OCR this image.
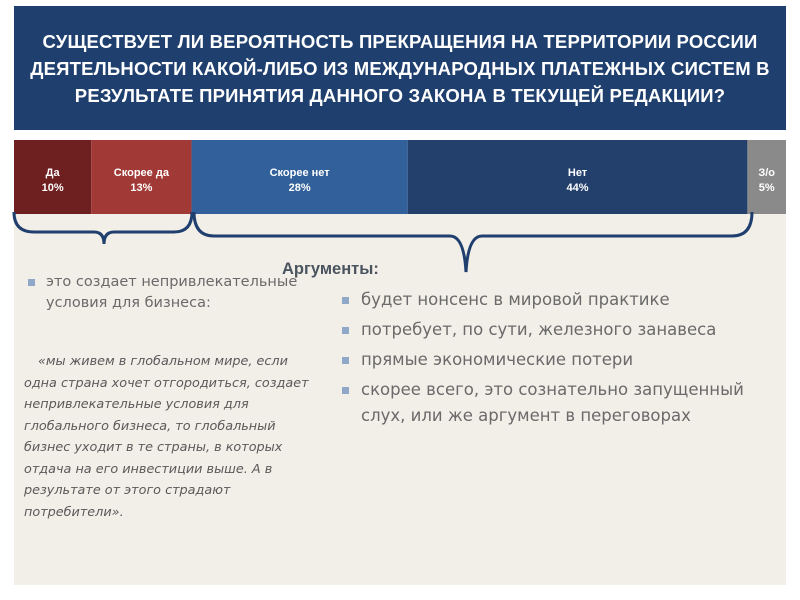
СУЩЕСТВУЕТ ЛИ ВЕРОЯТНОСТЬ ПРЕКРАЩЕНИЯ НА ТЕРРИТОРИИ РОССИИ ДЕЯТЕЛЬНОСТИ КАКОЙ-ЛИБО ИЗ МЕЖДУНАРОДНЫХ ПЛАТЕЖНЫХ СИСТЕМ В РЕЗУЛЬТАТЕ ПРИНЯТИЯ ДАННОГО ЗАКОНА В ТЕКУЩЕЙ РЕДАКЦИИ?
Да
10%
Скорее да
13%
Скорее нет
28%
Нет
44%
З/о
5%
Аргументы:
это создает непривлекательные условия для бизнеса:
«мы живем в глобальном мире, если одна страна хочет отгородиться, создает непривлекательные условия для глобального бизнеса, то глобальный бизнес уходит в те страны, в которых отдача на его инвестиции выше. А в результате от этого страдают потребители».
будет нонсенс в мировой практике
потребует, по сути, железного занавеса
прямые экономические потери
скорее всего, это сознательно запущенный слух, или же аргумент в переговорах
